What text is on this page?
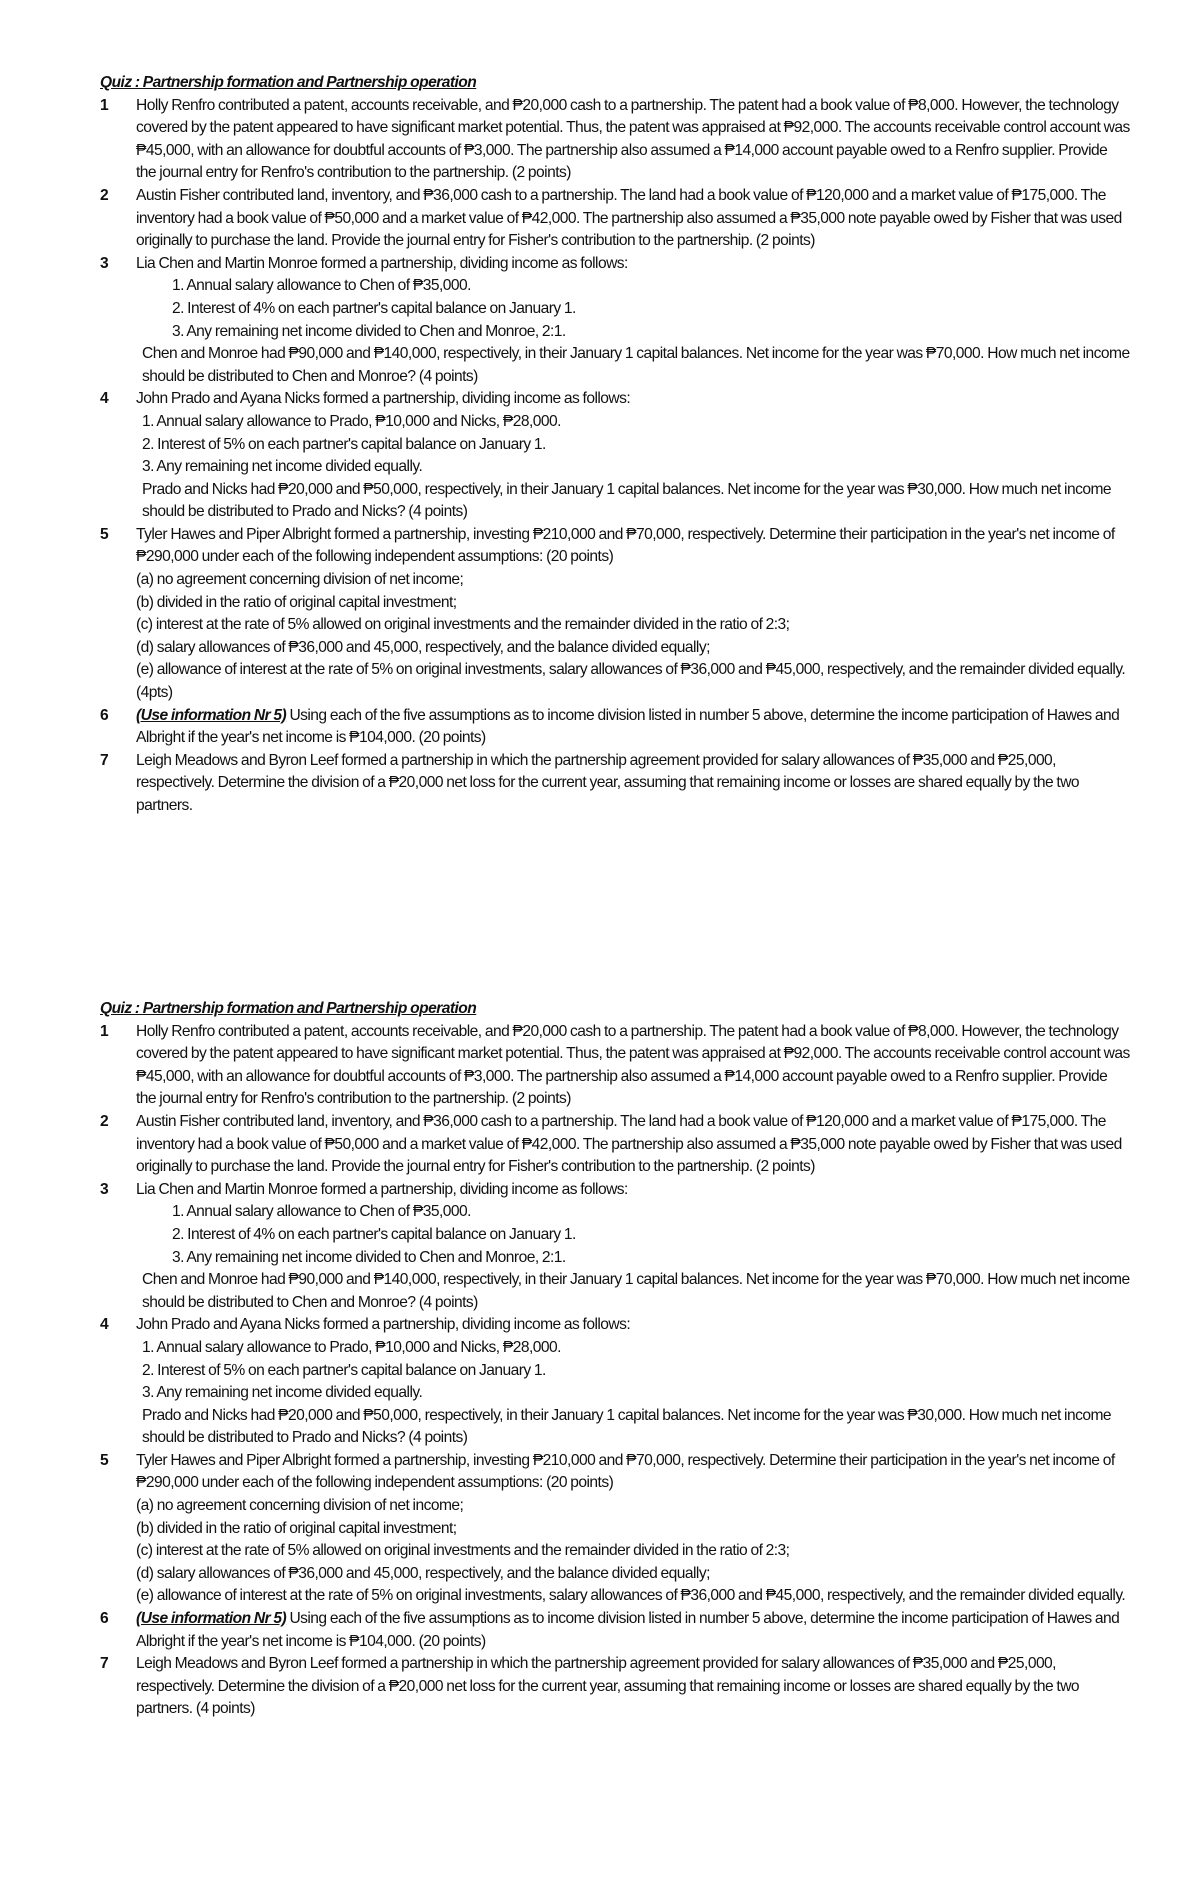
Quiz : Partnership formation and Partnership operation
1	Holly Renfro contributed a patent, accounts receivable, and ₱20,000 cash to a partnership. The patent had a book value of ₱8,000. However, the technology covered by the patent appeared to have significant market potential. Thus, the patent was appraised at ₱92,000. The accounts receivable control account was ₱45,000, with an allowance for doubtful accounts of ₱3,000. The partnership also assumed a ₱14,000 account payable owed to a Renfro supplier. Provide the journal entry for Renfro's contribution to the partnership. (2 points)
2	Austin Fisher contributed land, inventory, and ₱36,000 cash to a partnership. The land had a book value of ₱120,000 and a market value of ₱175,000. The inventory had a book value of ₱50,000 and a market value of ₱42,000. The partnership also assumed a ₱35,000 note payable owed by Fisher that was used originally to purchase the land. Provide the journal entry for Fisher's contribution to the partnership. (2 points)
3	Lia Chen and Martin Monroe formed a partnership, dividing income as follows:
1. Annual salary allowance to Chen of ₱35,000.
2. Interest of 4% on each partner's capital balance on January 1.
3. Any remaining net income divided to Chen and Monroe, 2:1.
Chen and Monroe had ₱90,000 and ₱140,000, respectively, in their January 1 capital balances. Net income for the year was ₱70,000. How much net income should be distributed to Chen and Monroe? (4 points)
4	John Prado and Ayana Nicks formed a partnership, dividing income as follows:
1. Annual salary allowance to Prado, ₱10,000 and Nicks, ₱28,000.
2. Interest of 5% on each partner's capital balance on January 1.
3. Any remaining net income divided equally.
Prado and Nicks had ₱20,000 and ₱50,000, respectively, in their January 1 capital balances. Net income for the year was ₱30,000. How much net income should be distributed to Prado and Nicks? (4 points)
5	Tyler Hawes and Piper Albright formed a partnership, investing ₱210,000 and ₱70,000, respectively. Determine their participation in the year's net income of ₱290,000 under each of the following independent assumptions: (20 points)
(a) no agreement concerning division of net income;
(b) divided in the ratio of original capital investment;
(c) interest at the rate of 5% allowed on original investments and the remainder divided in the ratio of 2:3;
(d) salary allowances of ₱36,000 and 45,000, respectively, and the balance divided equally;
(e) allowance of interest at the rate of 5% on original investments, salary allowances of ₱36,000 and ₱45,000, respectively, and the remainder divided equally.(4pts)
6	(Use information Nr 5) Using each of the five assumptions as to income division listed in number 5 above, determine the income participation of Hawes and Albright if the year's net income is ₱104,000. (20 points)
7	Leigh Meadows and Byron Leef formed a partnership in which the partnership agreement provided for salary allowances of ₱35,000 and ₱25,000, respectively. Determine the division of a ₱20,000 net loss for the current year, assuming that remaining income or losses are shared equally by the two partners.
Quiz : Partnership formation and Partnership operation
1	Holly Renfro contributed a patent, accounts receivable, and ₱20,000 cash to a partnership. The patent had a book value of ₱8,000. However, the technology covered by the patent appeared to have significant market potential. Thus, the patent was appraised at ₱92,000. The accounts receivable control account was ₱45,000, with an allowance for doubtful accounts of ₱3,000. The partnership also assumed a ₱14,000 account payable owed to a Renfro supplier. Provide the journal entry for Renfro's contribution to the partnership. (2 points)
2	Austin Fisher contributed land, inventory, and ₱36,000 cash to a partnership. The land had a book value of ₱120,000 and a market value of ₱175,000. The inventory had a book value of ₱50,000 and a market value of ₱42,000. The partnership also assumed a ₱35,000 note payable owed by Fisher that was used originally to purchase the land. Provide the journal entry for Fisher's contribution to the partnership. (2 points)
3	Lia Chen and Martin Monroe formed a partnership, dividing income as follows:
1. Annual salary allowance to Chen of ₱35,000.
2. Interest of 4% on each partner's capital balance on January 1.
3. Any remaining net income divided to Chen and Monroe, 2:1.
Chen and Monroe had ₱90,000 and ₱140,000, respectively, in their January 1 capital balances. Net income for the year was ₱70,000. How much net income should be distributed to Chen and Monroe? (4 points)
4	John Prado and Ayana Nicks formed a partnership, dividing income as follows:
1. Annual salary allowance to Prado, ₱10,000 and Nicks, ₱28,000.
2. Interest of 5% on each partner's capital balance on January 1.
3. Any remaining net income divided equally.
Prado and Nicks had ₱20,000 and ₱50,000, respectively, in their January 1 capital balances. Net income for the year was ₱30,000. How much net income should be distributed to Prado and Nicks? (4 points)
5	Tyler Hawes and Piper Albright formed a partnership, investing ₱210,000 and ₱70,000, respectively. Determine their participation in the year's net income of ₱290,000 under each of the following independent assumptions: (20 points)
(a) no agreement concerning division of net income;
(b) divided in the ratio of original capital investment;
(c) interest at the rate of 5% allowed on original investments and the remainder divided in the ratio of 2:3;
(d) salary allowances of ₱36,000 and 45,000, respectively, and the balance divided equally;
(e) allowance of interest at the rate of 5% on original investments, salary allowances of ₱36,000 and ₱45,000, respectively, and the remainder divided equally.
6	(Use information Nr 5) Using each of the five assumptions as to income division listed in number 5 above, determine the income participation of Hawes and Albright if the year's net income is ₱104,000. (20 points)
7	Leigh Meadows and Byron Leef formed a partnership in which the partnership agreement provided for salary allowances of ₱35,000 and ₱25,000, respectively. Determine the division of a ₱20,000 net loss for the current year, assuming that remaining income or losses are shared equally by the two partners. (4 points)
